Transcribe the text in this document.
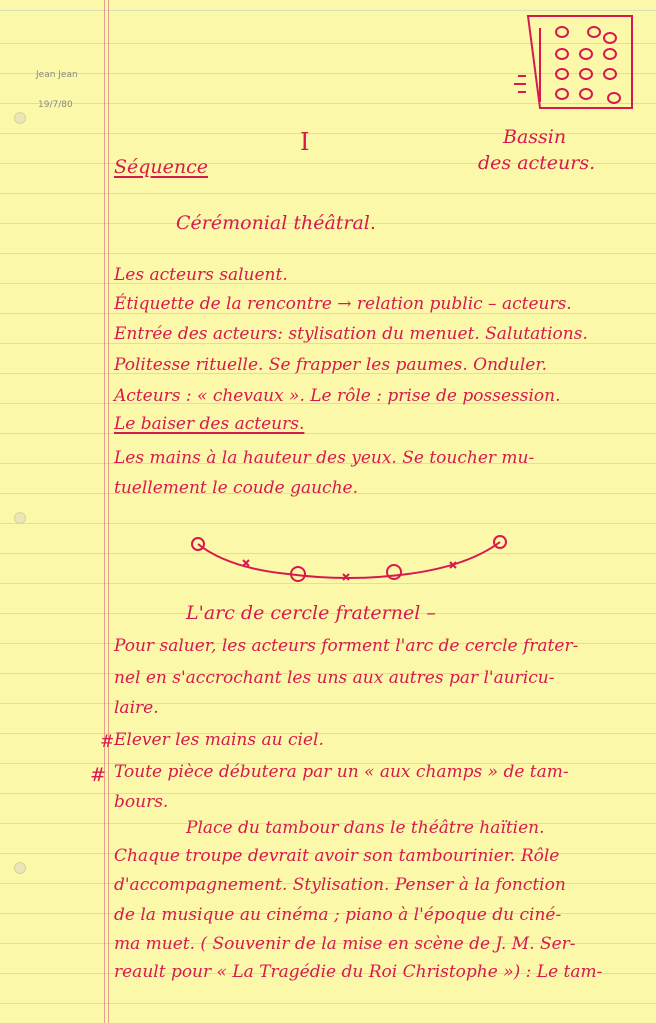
Jean Jean
19/7/80
I	Bassin
des acteurs.
Séquence
Cérémonial théâtral.
Les acteurs saluent.
Étiquette de la rencontre → relation public – acteurs.
Entrée des acteurs: stylisation du menuet. Salutations.
Politesse rituelle. Se frapper les paumes. Onduler.
Acteurs : « chevaux ». Le rôle : prise de possession.
Le baiser des acteurs.
Les mains à la hauteur des yeux. Se toucher mu-
tuellement le coude gauche.
L'arc de cercle fraternel –
Pour saluer, les acteurs forment l'arc de cercle frater-
nel en s'accrochant les uns aux autres par l'auricu-
laire.
# Elever les mains au ciel.
# Toute pièce débutera par un « aux champs » de tam-
bours.
Place du tambour dans le théâtre haïtien.
Chaque troupe devrait avoir son tambourinier. Rôle
d'accompagnement. Stylisation. Penser à la fonction
de la musique au cinéma ; piano à l'époque du ciné-
ma muet. ( Souvenir de la mise en scène de J. M. Ser-
reault pour « La Tragédie du Roi Christophe ») : Le tam-
